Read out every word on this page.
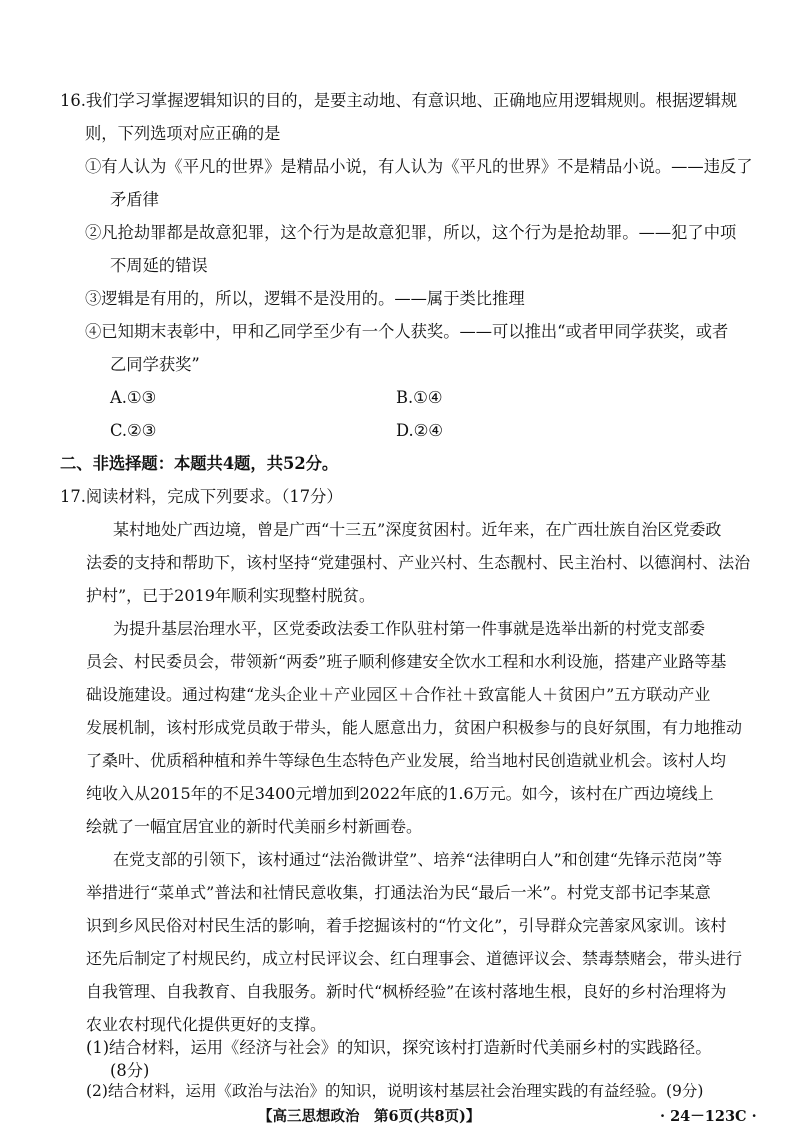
16.我们学习掌握逻辑知识的目的，是要主动地、有意识地、正确地应用逻辑规则。根据逻辑规
则，下列选项对应正确的是
①有人认为《平凡的世界》是精品小说，有人认为《平凡的世界》不是精品小说。——违反了
矛盾律
②凡抢劫罪都是故意犯罪，这个行为是故意犯罪，所以，这个行为是抢劫罪。——犯了中项
不周延的错误
③逻辑是有用的，所以，逻辑不是没用的。——属于类比推理
④已知期末表彰中，甲和乙同学至少有一个人获奖。——可以推出“或者甲同学获奖，或者
乙同学获奖”
A.①③	B.①④
C.②③	D.②④
二、非选择题：本题共4题，共52分。
17.阅读材料，完成下列要求。（17分）
某村地处广西边境，曾是广西“十三五”深度贫困村。近年来，在广西壮族自治区党委政
法委的支持和帮助下，该村坚持“党建强村、产业兴村、生态靓村、民主治村、以德润村、法治
护村”，已于2019年顺利实现整村脱贫。
为提升基层治理水平，区党委政法委工作队驻村第一件事就是选举出新的村党支部委
员会、村民委员会，带领新“两委”班子顺利修建安全饮水工程和水利设施，搭建产业路等基
础设施建设。通过构建“龙头企业＋产业园区＋合作社＋致富能人＋贫困户”五方联动产业
发展机制，该村形成党员敢于带头，能人愿意出力，贫困户积极参与的良好氛围，有力地推动
了桑叶、优质稻种植和养牛等绿色生态特色产业发展，给当地村民创造就业机会。该村人均
纯收入从2015年的不足3400元增加到2022年底的1.6万元。如今，该村在广西边境线上
绘就了一幅宜居宜业的新时代美丽乡村新画卷。
在党支部的引领下，该村通过“法治微讲堂”、培养“法律明白人”和创建“先锋示范岗”等
举措进行“菜单式”普法和社情民意收集，打通法治为民“最后一米”。村党支部书记李某意
识到乡风民俗对村民生活的影响，着手挖掘该村的“竹文化”，引导群众完善家风家训。该村
还先后制定了村规民约，成立村民评议会、红白理事会、道德评议会、禁毒禁赌会，带头进行
自我管理、自我教育、自我服务。新时代“枫桥经验”在该村落地生根，良好的乡村治理将为
农业农村现代化提供更好的支撑。
(1)结合材料，运用《经济与社会》的知识，探究该村打造新时代美丽乡村的实践路径。
(8分)
(2)结合材料，运用《政治与法治》的知识，说明该村基层社会治理实践的有益经验。(9分)
【高三思想政治　第6页(共8页)】	· 24－123C ·
